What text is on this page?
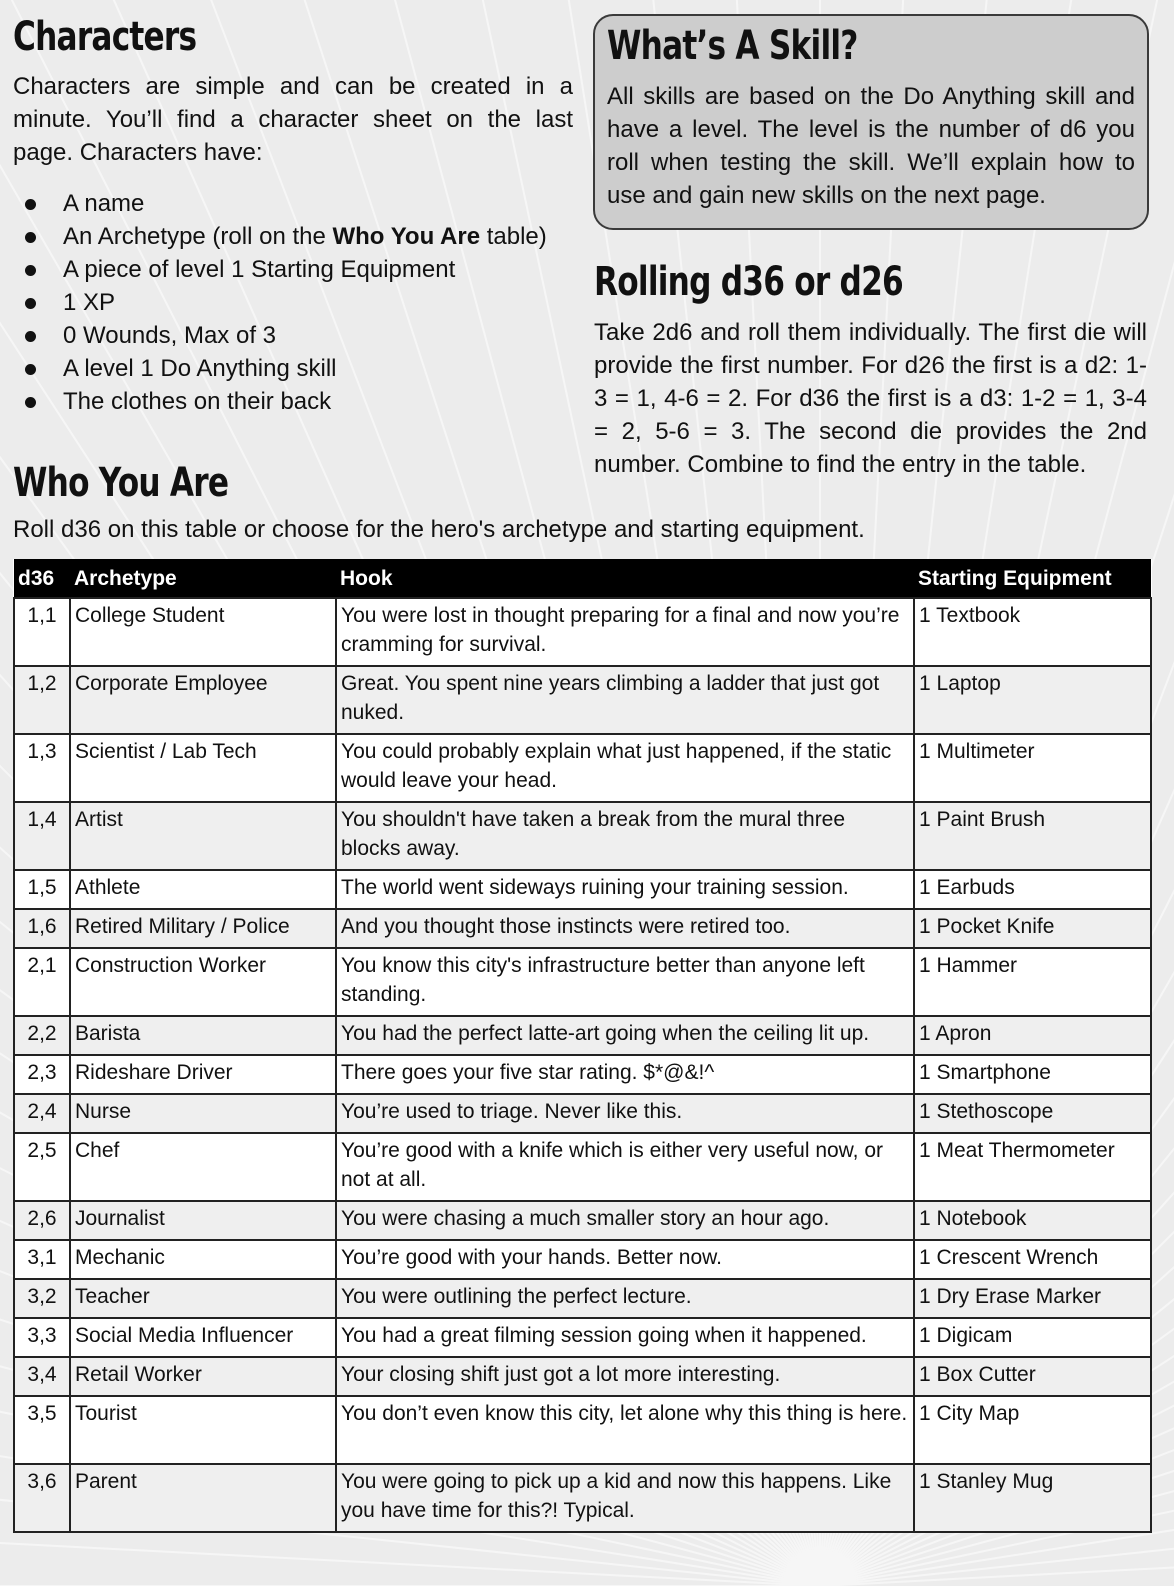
Characters

Characters are simple and can be created in a minute. You’ll find a character sheet on the last page. Characters have:

A name
An Archetype (roll on the Who You Are table)
A piece of level 1 Starting Equipment
1 XP
0 Wounds, Max of 3
A level 1 Do Anything skill
The clothes on their back
What’s A Skill?

All skills are based on the Do Anything skill and have a level. The level is the number of d6 you roll when testing the skill. We’ll explain how to use and gain new skills on the next page.

Rolling d36 or d26

Take 2d6 and roll them individually. The first die will provide the first number. For d26 the first is a d2: 1-3 = 1, 4-6 = 2. For d36 the first is a d3: 1-2 = 1, 3-4 = 2, 5-6 = 3. The second die provides the 2nd number. Combine to find the entry in the table.

Who You Are

Roll d36 on this table or choose for the hero's archetype and starting equipment.

d36	Archetype	Hook	Starting Equipment
1,1	College Student	You were lost in thought preparing for a final and now you’re cramming for survival.	1 Textbook
1,2	Corporate Employee	Great. You spent nine years climbing a ladder that just got nuked.	1 Laptop
1,3	Scientist / Lab Tech	You could probably explain what just happened, if the static would leave your head.	1 Multimeter
1,4	Artist	You shouldn't have taken a break from the mural three blocks away.	1 Paint Brush
1,5	Athlete	The world went sideways ruining your training session.	1 Earbuds
1,6	Retired Military / Police	And you thought those instincts were retired too.	1 Pocket Knife
2,1	Construction Worker	You know this city's infrastructure better than anyone left standing.	1 Hammer
2,2	Barista	You had the perfect latte-art going when the ceiling lit up.	1 Apron
2,3	Rideshare Driver	There goes your five star rating. $*@&!^	1 Smartphone
2,4	Nurse	You’re used to triage. Never like this.	1 Stethoscope
2,5	Chef	You’re good with a knife which is either very useful now, or not at all.	1 Meat Thermometer
2,6	Journalist	You were chasing a much smaller story an hour ago.	1 Notebook
3,1	Mechanic	You’re good with your hands. Better now.	1 Crescent Wrench
3,2	Teacher	You were outlining the perfect lecture.	1 Dry Erase Marker
3,3	Social Media Influencer	You had a great filming session going when it happened.	1 Digicam
3,4	Retail Worker	Your closing shift just got a lot more interesting.	1 Box Cutter
3,5	Tourist	You don’t even know this city, let alone why this thing is here.	1 City Map
3,6	Parent	You were going to pick up a kid and now this happens. Like you have time for this?! Typical.	1 Stanley Mug
